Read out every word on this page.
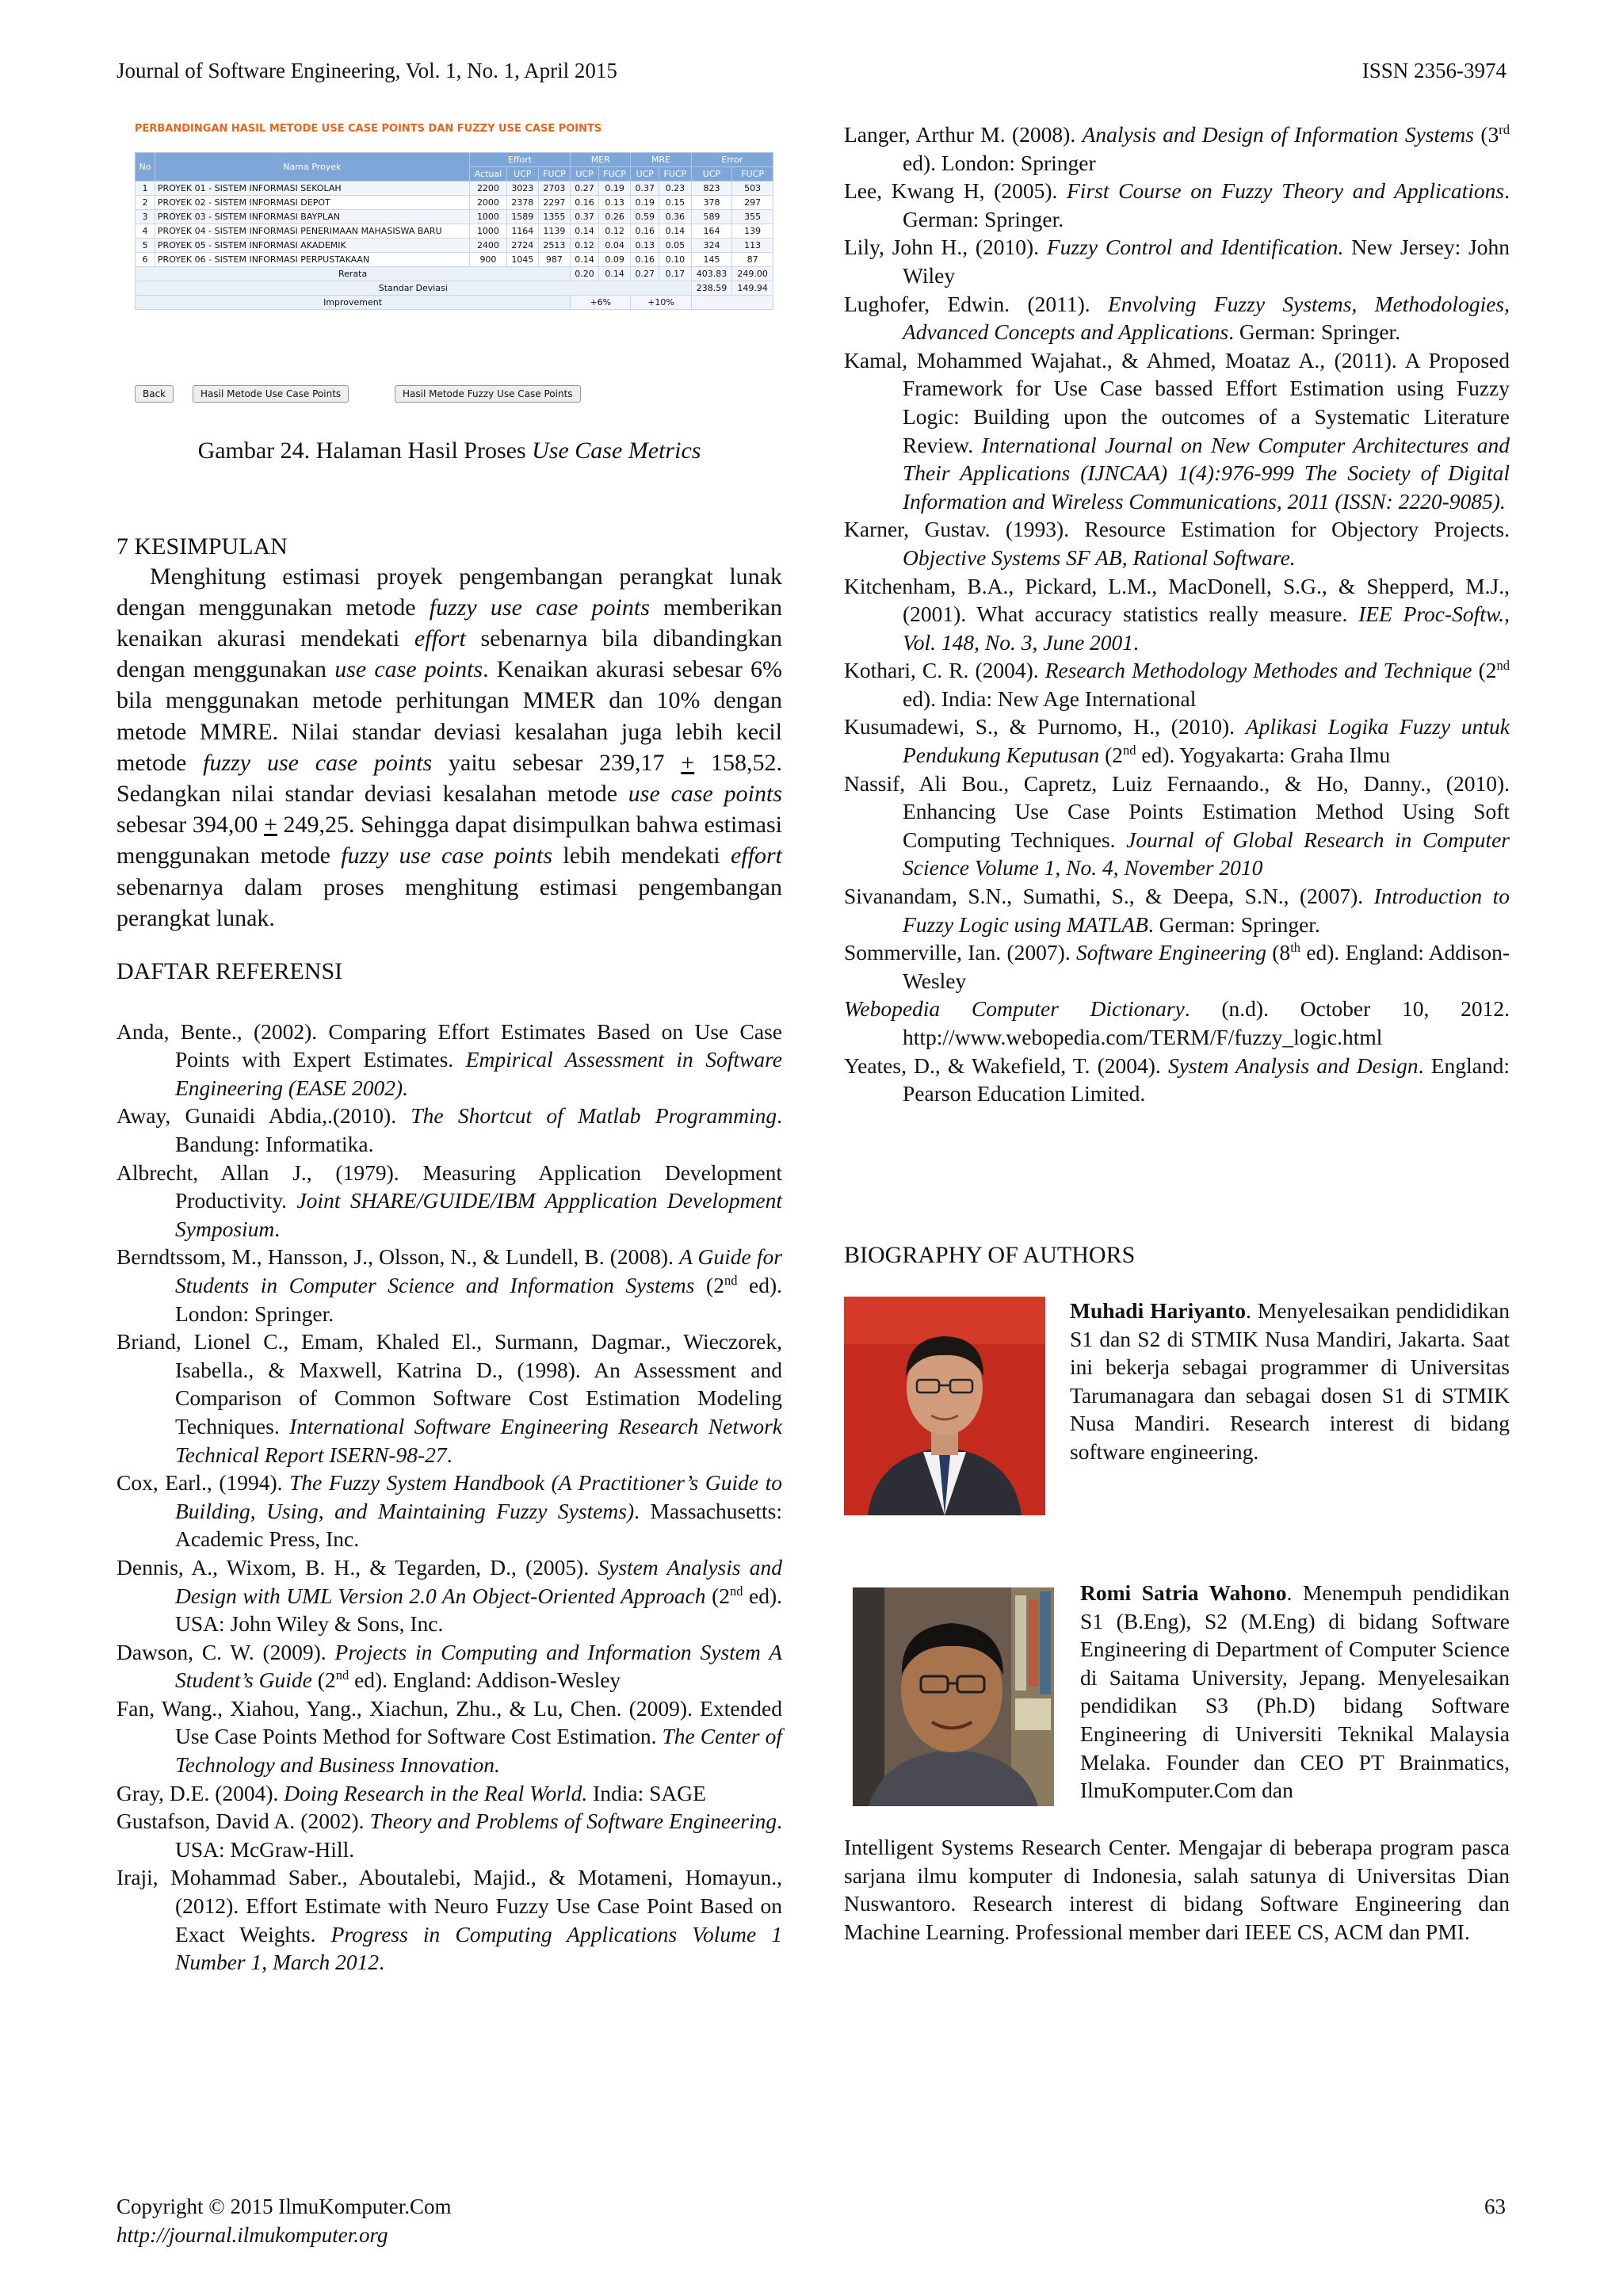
Journal of Software Engineering, Vol. 1, No. 1, April 2015	ISSN 2356-3974
PERBANDINGAN HASIL METODE USE CASE POINTS DAN FUZZY USE CASE POINTS
No	Nama Proyek	Effort			MER		MRE		Error	
		Actual	UCP	FUCP	UCP	FUCP	UCP	FUCP	UCP	FUCP
1	PROYEK 01 - SISTEM INFORMASI SEKOLAH	2200	3023	2703	0.27	0.19	0.37	0.23	823	503
2	PROYEK 02 - SISTEM INFORMASI DEPOT	2000	2378	2297	0.16	0.13	0.19	0.15	378	297
3	PROYEK 03 - SISTEM INFORMASI BAYPLAN	1000	1589	1355	0.37	0.26	0.59	0.36	589	355
4	PROYEK 04 - SISTEM INFORMASI PENERIMAAN MAHASISWA BARU	1000	1164	1139	0.14	0.12	0.16	0.14	164	139
5	PROYEK 05 - SISTEM INFORMASI AKADEMIK	2400	2724	2513	0.12	0.04	0.13	0.05	324	113
6	PROYEK 06 - SISTEM INFORMASI PERPUSTAKAAN	900	1045	987	0.14	0.09	0.16	0.10	145	87
Rerata					0.20	0.14	0.27	0.17	403.83	249.00
Standar Deviasi									238.59	149.94
Improvement					+6%		+10%			
Back	Hasil Metode Use Case Points	Hasil Metode Fuzzy Use Case Points
Gambar 24. Halaman Hasil Proses Use Case Metrics

7 KESIMPULAN

Menghitung estimasi proyek pengembangan perangkat lunak dengan menggunakan metode fuzzy use case points memberikan kenaikan akurasi mendekati effort sebenarnya bila dibandingkan dengan menggunakan use case points. Kenaikan akurasi sebesar 6% bila menggunakan metode perhitungan MMER dan 10% dengan metode MMRE. Nilai standar deviasi kesalahan juga lebih kecil metode fuzzy use case points yaitu sebesar 239,17 + 158,52. Sedangkan nilai standar deviasi kesalahan metode use case points sebesar 394,00 + 249,25. Sehingga dapat disimpulkan bahwa estimasi menggunakan metode fuzzy use case points lebih mendekati effort sebenarnya dalam proses menghitung estimasi pengembangan perangkat lunak.

DAFTAR REFERENSI

Anda, Bente., (2002). Comparing Effort Estimates Based on Use Case Points with Expert Estimates. Empirical Assessment in Software Engineering (EASE 2002).

Away, Gunaidi Abdia,.(2010). The Shortcut of Matlab Programming. Bandung: Informatika.

Albrecht, Allan J., (1979). Measuring Application Development Productivity. Joint SHARE/GUIDE/IBM Appplication Development Symposium.

Berndtssom, M., Hansson, J., Olsson, N., & Lundell, B. (2008). A Guide for Students in Computer Science and Information Systems (2nd ed). London: Springer.

Briand, Lionel C., Emam, Khaled El., Surmann, Dagmar., Wieczorek, Isabella., & Maxwell, Katrina D., (1998). An Assessment and Comparison of Common Software Cost Estimation Modeling Techniques. International Software Engineering Research Network Technical Report ISERN-98-27.

Cox, Earl., (1994). The Fuzzy System Handbook (A Practitioner’s Guide to Building, Using, and Maintaining Fuzzy Systems). Massachusetts: Academic Press, Inc.

Dennis, A., Wixom, B. H., & Tegarden, D., (2005). System Analysis and Design with UML Version 2.0 An Object-Oriented Approach (2nd ed). USA: John Wiley & Sons, Inc.

Dawson, C. W. (2009). Projects in Computing and Information System A Student’s Guide (2nd ed). England: Addison-Wesley

Fan, Wang., Xiahou, Yang., Xiachun, Zhu., & Lu, Chen. (2009). Extended Use Case Points Method for Software Cost Estimation. The Center of Technology and Business Innovation.

Gray, D.E. (2004). Doing Research in the Real World. India: SAGE

Gustafson, David A. (2002). Theory and Problems of Software Engineering. USA: McGraw-Hill.

Iraji, Mohammad Saber., Aboutalebi, Majid., & Motameni, Homayun., (2012). Effort Estimate with Neuro Fuzzy Use Case Point Based on Exact Weights. Progress in Computing Applications Volume 1 Number 1, March 2012.

Langer, Arthur M. (2008). Analysis and Design of Information Systems (3rd ed). London: Springer

Lee, Kwang H, (2005). First Course on Fuzzy Theory and Applications. German: Springer.

Lily, John H., (2010). Fuzzy Control and Identification. New Jersey: John Wiley

Lughofer, Edwin. (2011). Envolving Fuzzy Systems, Methodologies, Advanced Concepts and Applications. German: Springer.

Kamal, Mohammed Wajahat., & Ahmed, Moataz A., (2011). A Proposed Framework for Use Case bassed Effort Estimation using Fuzzy Logic: Building upon the outcomes of a Systematic Literature Review. International Journal on New Computer Architectures and Their Applications (IJNCAA) 1(4):976-999 The Society of Digital Information and Wireless Communications, 2011 (ISSN: 2220-9085).

Karner, Gustav. (1993). Resource Estimation for Objectory Projects. Objective Systems SF AB, Rational Software.

Kitchenham, B.A., Pickard, L.M., MacDonell, S.G., & Shepperd, M.J., (2001). What accuracy statistics really measure. IEE Proc-Softw., Vol. 148, No. 3, June 2001.

Kothari, C. R. (2004). Research Methodology Methodes and Technique (2nd ed). India: New Age International

Kusumadewi, S., & Purnomo, H., (2010). Aplikasi Logika Fuzzy untuk Pendukung Keputusan (2nd ed). Yogyakarta: Graha Ilmu

Nassif, Ali Bou., Capretz, Luiz Fernaando., & Ho, Danny., (2010). Enhancing Use Case Points Estimation Method Using Soft Computing Techniques. Journal of Global Research in Computer Science Volume 1, No. 4, November 2010

Sivanandam, S.N., Sumathi, S., & Deepa, S.N., (2007). Introduction to Fuzzy Logic using MATLAB. German: Springer.

Sommerville, Ian. (2007). Software Engineering (8th ed). England: Addison-Wesley

Webopedia Computer Dictionary. (n.d). October 10, 2012. http://www.webopedia.com/TERM/F/fuzzy_logic.html

Yeates, D., & Wakefield, T. (2004). System Analysis and Design. England: Pearson Education Limited.

BIOGRAPHY OF AUTHORS

Muhadi Hariyanto. Menyelesaikan pendididikan S1 dan S2 di STMIK Nusa Mandiri, Jakarta. Saat ini bekerja sebagai programmer di Universitas Tarumanagara dan sebagai dosen S1 di STMIK Nusa Mandiri. Research interest di bidang software engineering.

Romi Satria Wahono. Menempuh pendidikan S1 (B.Eng), S2 (M.Eng) di bidang Software Engineering di Department of Computer Science di Saitama University, Jepang. Menyelesaikan pendidikan S3 (Ph.D) bidang Software Engineering di Universiti Teknikal Malaysia Melaka. Founder dan CEO PT Brainmatics, IlmuKomputer.Com dan

Intelligent Systems Research Center. Mengajar di beberapa program pasca sarjana ilmu komputer di Indonesia, salah satunya di Universitas Dian Nuswantoro. Research interest di bidang Software Engineering dan Machine Learning. Professional member dari IEEE CS, ACM dan PMI.

Copyright © 2015 IlmuKomputer.Com
http://journal.ilmukomputer.org
63
